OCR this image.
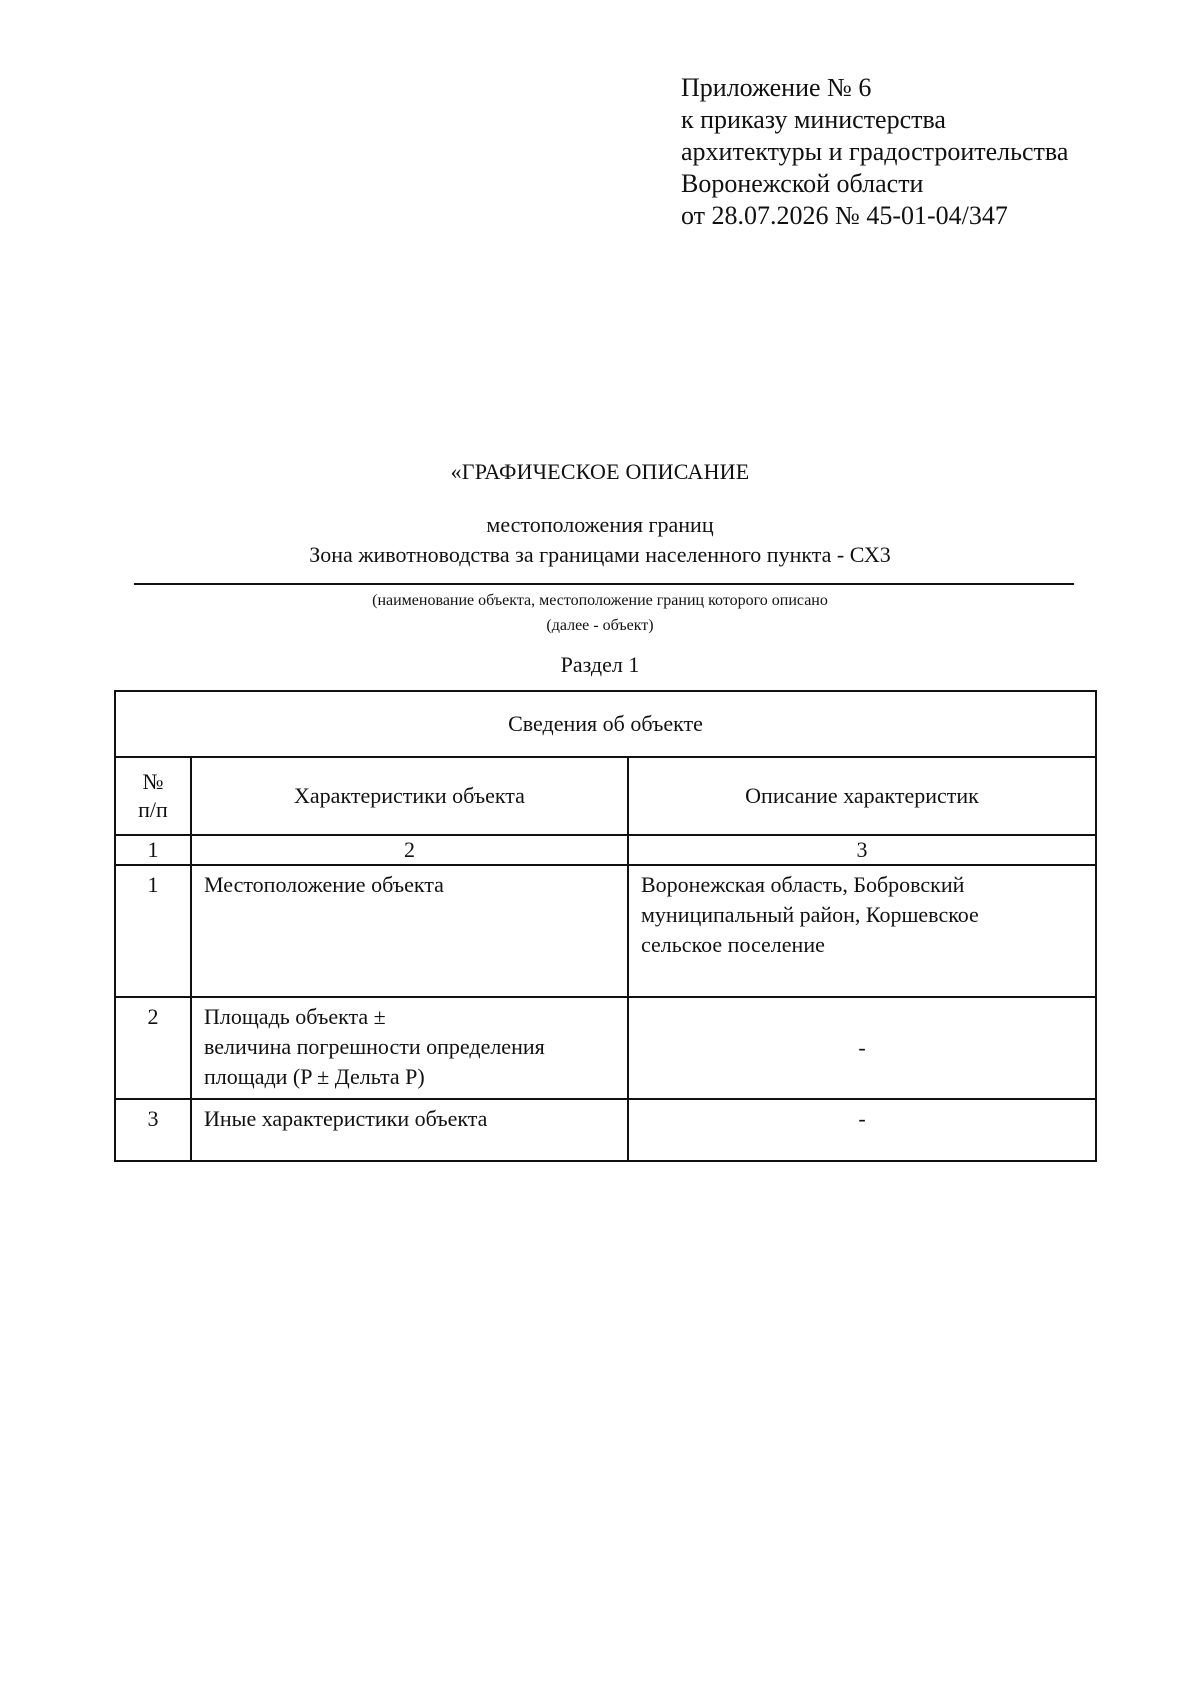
Приложение № 6
к приказу министерства
архитектуры и градостроительства
Воронежской области
от 28.07.2026 № 45-01-04/347
«ГРАФИЧЕСКОЕ ОПИСАНИЕ
местоположения границ
Зона животноводства за границами населенного пункта - СХ3
(наименование объекта, местоположение границ которого описано
(далее - объект)
Раздел 1
Сведения об объекте		

№
п/п	Характеристики объекта	Описание характеристик
1	2	3
1	Местоположение объекта	Воронежская область, Бобровский
муниципальный район, Коршевское
сельское поселение

2	Площадь объекта ±
величина погрешности определения
площади (P ± Дельта P)	-
3	Иные характеристики объекта	-
